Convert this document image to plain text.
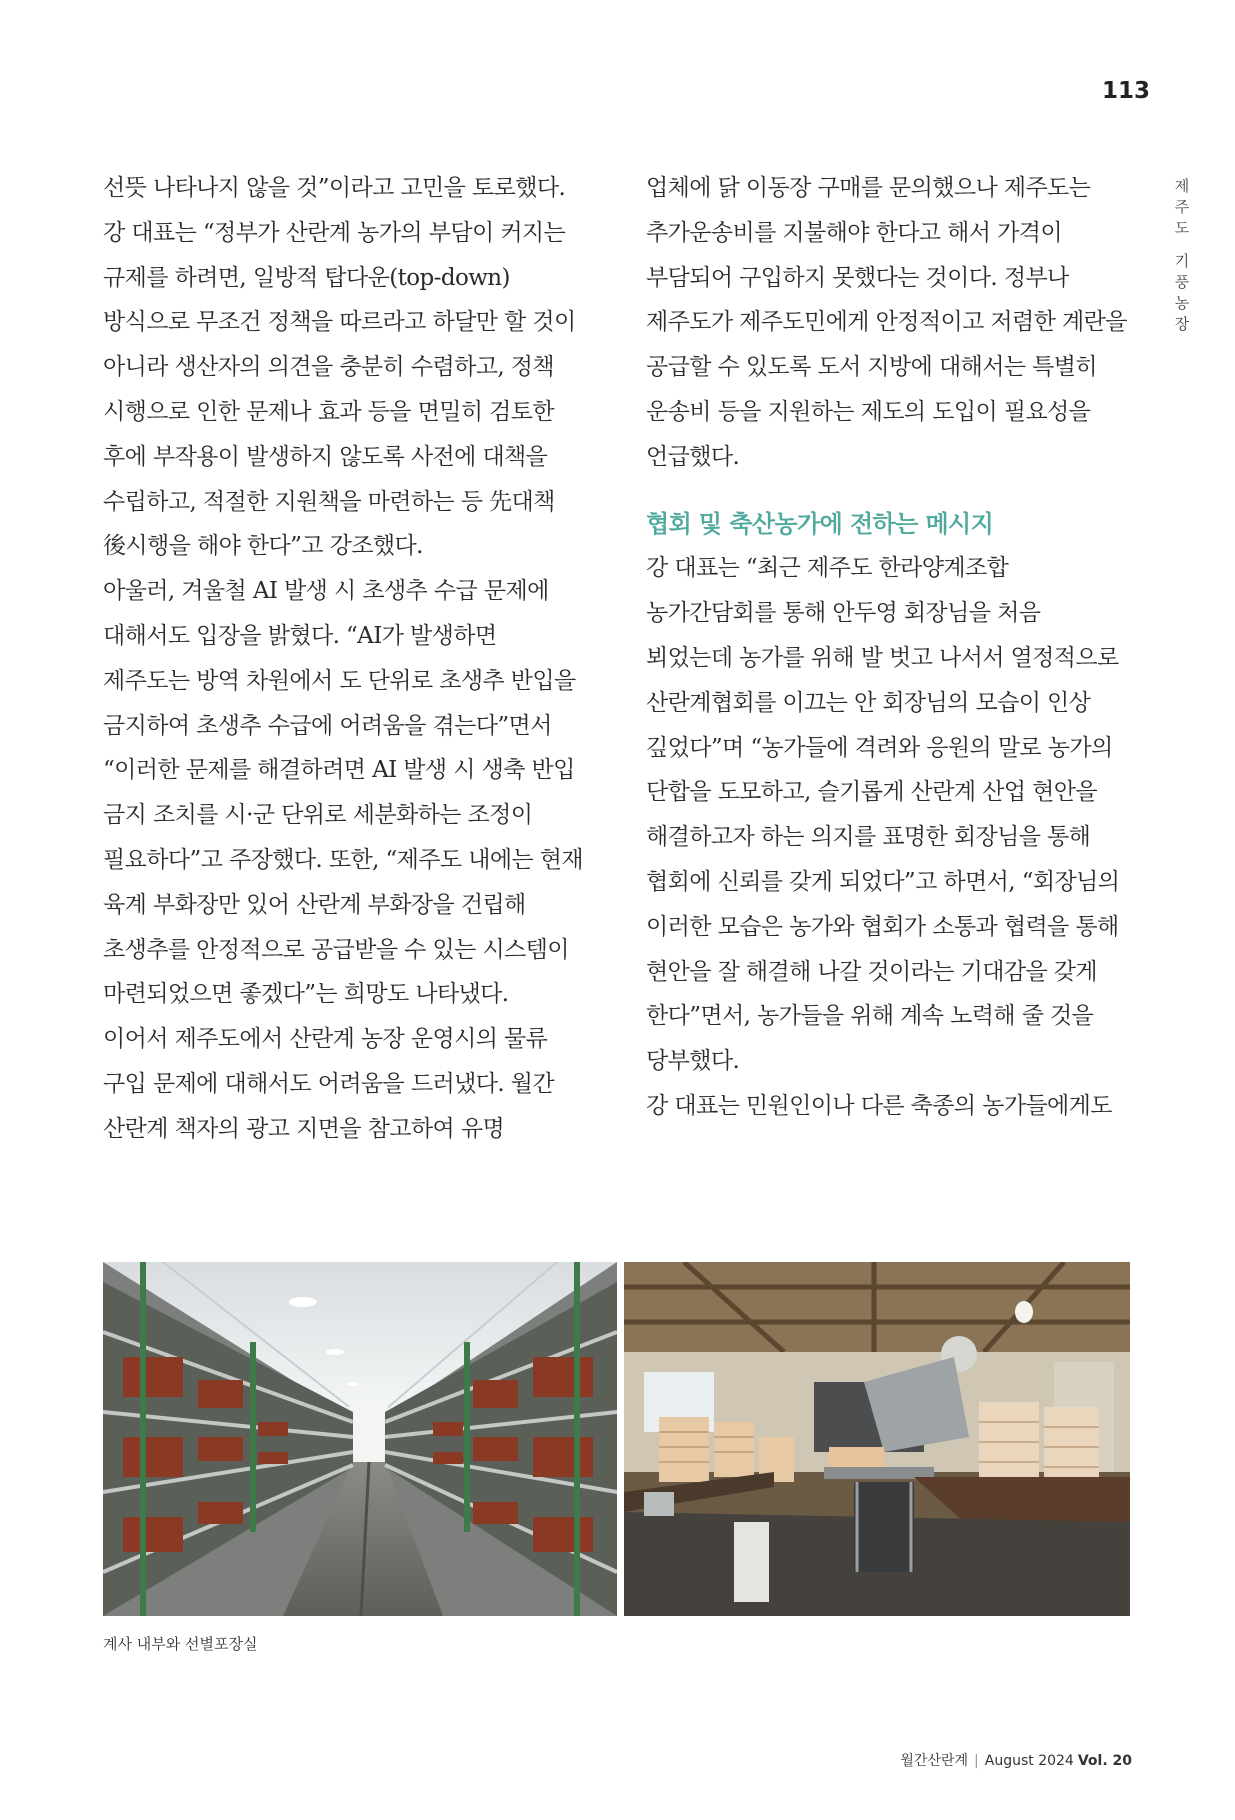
113
제
주
도
기
풍
농
장

선뜻 나타나지 않을 것”이라고 고민을 토로했다.

강 대표는 “정부가 산란계 농가의 부담이 커지는

규제를 하려면, 일방적 탑다운(top-down)

방식으로 무조건 정책을 따르라고 하달만 할 것이

아니라 생산자의 의견을 충분히 수렴하고, 정책

시행으로 인한 문제나 효과 등을 면밀히 검토한

후에 부작용이 발생하지 않도록 사전에 대책을

수립하고, 적절한 지원책을 마련하는 등 先대책

後시행을 해야 한다”고 강조했다.

아울러, 겨울철 AI 발생 시 초생추 수급 문제에

대해서도 입장을 밝혔다. “AI가 발생하면

제주도는 방역 차원에서 도 단위로 초생추 반입을

금지하여 초생추 수급에 어려움을 겪는다”면서

“이러한 문제를 해결하려면 AI 발생 시 생축 반입

금지 조치를 시·군 단위로 세분화하는 조정이

필요하다”고 주장했다. 또한, “제주도 내에는 현재

육계 부화장만 있어 산란계 부화장을 건립해

초생추를 안정적으로 공급받을 수 있는 시스템이

마련되었으면 좋겠다”는 희망도 나타냈다.

이어서 제주도에서 산란계 농장 운영시의 물류

구입 문제에 대해서도 어려움을 드러냈다. 월간

산란계 책자의 광고 지면을 참고하여 유명

업체에 닭 이동장 구매를 문의했으나 제주도는

추가운송비를 지불해야 한다고 해서 가격이

부담되어 구입하지 못했다는 것이다. 정부나

제주도가 제주도민에게 안정적이고 저렴한 계란을

공급할 수 있도록 도서 지방에 대해서는 특별히

운송비 등을 지원하는 제도의 도입이 필요성을

언급했다.

협회 및 축산농가에 전하는 메시지

강 대표는 “최근 제주도 한라양계조합

농가간담회를 통해 안두영 회장님을 처음

뵈었는데 농가를 위해 발 벗고 나서서 열정적으로

산란계협회를 이끄는 안 회장님의 모습이 인상

깊었다”며 “농가들에 격려와 응원의 말로 농가의

단합을 도모하고, 슬기롭게 산란계 산업 현안을

해결하고자 하는 의지를 표명한 회장님을 통해

협회에 신뢰를 갖게 되었다”고 하면서, “회장님의

이러한 모습은 농가와 협회가 소통과 협력을 통해

현안을 잘 해결해 나갈 것이라는 기대감을 갖게

한다”면서, 농가들을 위해 계속 노력해 줄 것을

당부했다.

강 대표는 민원인이나 다른 축종의 농가들에게도

계사 내부와 선별포장실
월간산란계 | August 2024 Vol. 20
